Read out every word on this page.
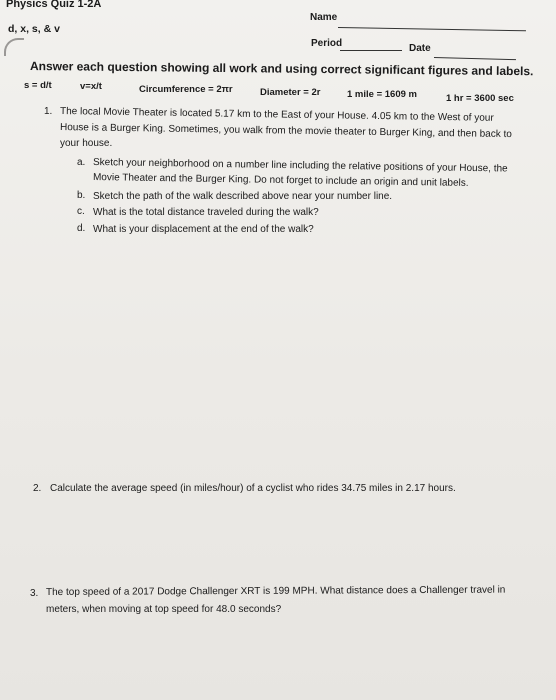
Physics Quiz 1-2A
d, x, s, & v
Name
Period	Date
Answer each question showing all work and using correct significant figures and labels.
s = d/t	v=x/t	Circumference = 2πr	Diameter = 2r	1 mile = 1609 m	1 hr = 3600 sec
1. The local Movie Theater is located 5.17 km to the East of your House. 4.05 km to the West of your
House is a Burger King. Sometimes, you walk from the movie theater to Burger King, and then back to
your house.
a. Sketch your neighborhood on a number line including the relative positions of your House, the
Movie Theater and the Burger King. Do not forget to include an origin and unit labels.
b. Sketch the path of the walk described above near your number line.
c. What is the total distance traveled during the walk?
d. What is your displacement at the end of the walk?
2. Calculate the average speed (in miles/hour) of a cyclist who rides 34.75 miles in 2.17 hours.
3. The top speed of a 2017 Dodge Challenger XRT is 199 MPH. What distance does a Challenger travel in
meters, when moving at top speed for 48.0 seconds?
